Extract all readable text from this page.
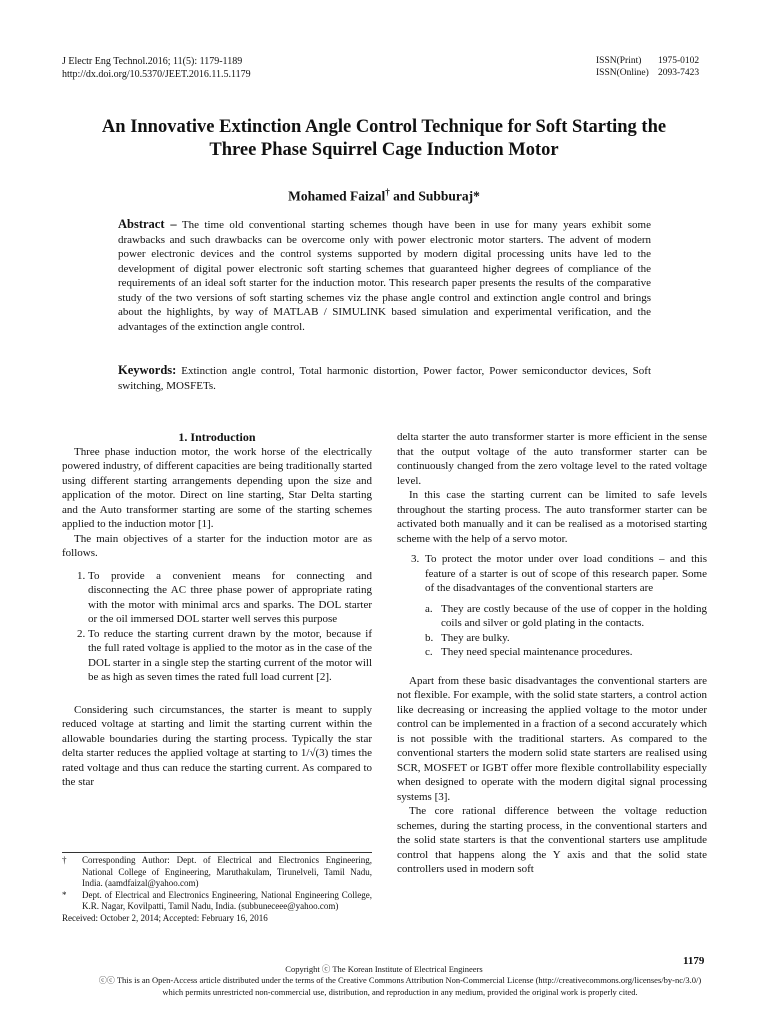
J Electr Eng Technol.2016; 11(5): 1179-1189
http://dx.doi.org/10.5370/JEET.2016.11.5.1179
ISSN(Print) 1975-0102
ISSN(Online) 2093-7423
An Innovative Extinction Angle Control Technique for Soft Starting the
Three Phase Squirrel Cage Induction Motor
Mohamed Faizal† and Subburaj*
Abstract – The time old conventional starting schemes though have been in use for many years exhibit some drawbacks and such drawbacks can be overcome only with power electronic motor starters. The advent of modern power electronic devices and the control systems supported by modern digital processing units have led to the development of digital power electronic soft starting schemes that guaranteed higher degrees of compliance of the requirements of an ideal soft starter for the induction motor. This research paper presents the results of the comparative study of the two versions of soft starting schemes viz the phase angle control and extinction angle control and brings about the highlights, by way of MATLAB / SIMULINK based simulation and experimental verification, and the advantages of the extinction angle control.
Keywords: Extinction angle control, Total harmonic distortion, Power factor, Power semiconductor devices, Soft switching, MOSFETs.

1. Introduction

Three phase induction motor, the work horse of the electrically powered industry, of different capacities are being traditionally started using different starting arrangements depending upon the size and application of the motor. Direct on line starting, Star Delta starting and the Auto transformer starting are some of the starting schemes applied to the induction motor [1].

The main objectives of a starter for the induction motor are as follows.

1. To provide a convenient means for connecting and disconnecting the AC three phase power of appropriate rating with the motor with minimal arcs and sparks. The DOL starter or the oil immersed DOL starter well serves this purpose
2. To reduce the starting current drawn by the motor, because if the full rated voltage is applied to the motor as in the case of the DOL starter in a single step the starting current of the motor will be as high as seven times the rated full load current [2].

Considering such circumstances, the starter is meant to supply reduced voltage at starting and limit the starting current within the allowable boundaries during the starting process. Typically the star delta starter reduces the applied voltage at starting to 1/√(3) times the rated voltage and thus can reduce the starting current. As compared to the star

delta starter the auto transformer starter is more efficient in the sense that the output voltage of the auto transformer starter can be continuously changed from the zero voltage level to the rated voltage level.

In this case the starting current can be limited to safe levels throughout the starting process. The auto transformer starter can be activated both manually and it can be realised as a motorised starting scheme with the help of a servo motor.

3. To protect the motor under over load conditions – and this feature of a starter is out of scope of this research paper. Some of the disadvantages of the conventional starters are
a. They are costly because of the use of copper in the holding coils and silver or gold plating in the contacts.
b. They are bulky.
c. They need special maintenance procedures.

Apart from these basic disadvantages the conventional starters are not flexible. For example, with the solid state starters, a control action like decreasing or increasing the applied voltage to the motor under control can be implemented in a fraction of a second accurately which is not possible with the traditional starters. As compared to the conventional starters the modern solid state starters are realised using SCR, MOSFET or IGBT offer more flexible controllability especially when designed to operate with the modern digital signal processing systems [3].

The core rational difference between the voltage reduction schemes, during the starting process, in the conventional starters and the solid state starters is that the conventional starters use amplitude control that happens along the Y axis and that the solid state controllers used in modern soft

†	Corresponding Author: Dept. of Electrical and Electronics Engineering, National College of Engineering, Maruthakulam, Tirunelveli, Tamil Nadu, India. (aamdfaizal@yahoo.com)
*	Dept. of Electrical and Electronics Engineering, National Engineering College, K.R. Nagar, Kovilpatti, Tamil Nadu, India. (subbuneceee@yahoo.com)
Received: October 2, 2014; Accepted: February 16, 2016
1179
Copyright ⓒ The Korean Institute of Electrical Engineers
ⓒⓒ This is an Open-Access article distributed under the terms of the Creative Commons Attribution Non-Commercial License (http://creativecommons.org/licenses/by-nc/3.0/) which permits unrestricted non-commercial use, distribution, and reproduction in any medium, provided the original work is properly cited.
